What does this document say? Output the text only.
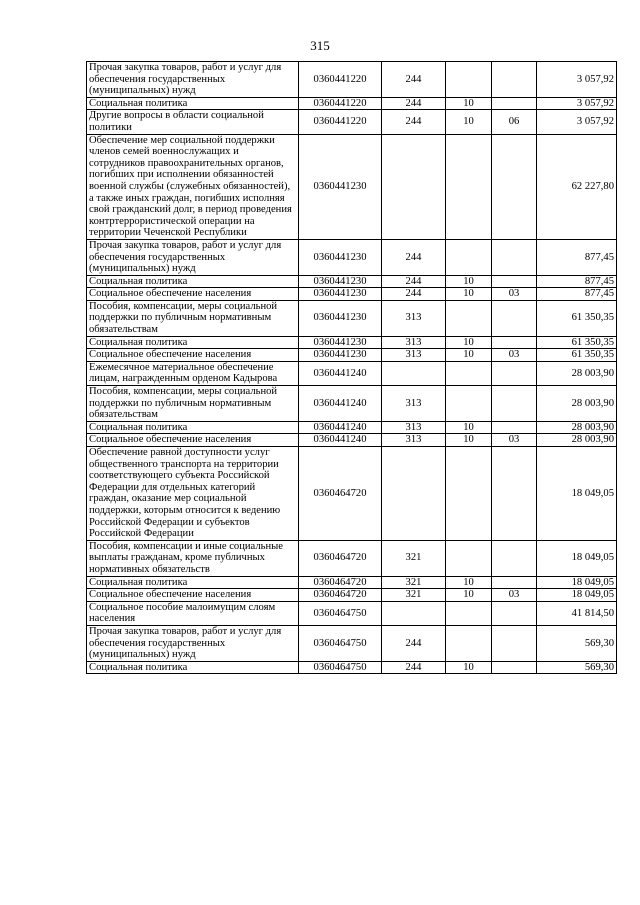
315
Прочая закупка товаров, работ и услуг для обеспечения государственных (муниципальных) нужд	0360441220	244			3 057,92
Социальная политика	0360441220	244	10		3 057,92
Другие вопросы в области социальной политики	0360441220	244	10	06	3 057,92
Обеспечение мер социальной поддержки членов семей военнослужащих и сотрудников правоохранительных органов, погибших при исполнении обязанностей военной службы (служебных обязанностей), а также иных граждан, погибших исполняя свой гражданский долг, в период проведения контртеррористической операции на территории Чеченской Республики	0360441230				62 227,80
Прочая закупка товаров, работ и услуг для обеспечения государственных (муниципальных) нужд	0360441230	244			877,45
Социальная политика	0360441230	244	10		877,45
Социальное обеспечение населения	0360441230	244	10	03	877,45
Пособия, компенсации, меры социальной поддержки по публичным нормативным обязательствам	0360441230	313			61 350,35
Социальная политика	0360441230	313	10		61 350,35
Социальное обеспечение населения	0360441230	313	10	03	61 350,35
Ежемесячное материальное обеспечение лицам, награжденным орденом Кадырова	0360441240				28 003,90
Пособия, компенсации, меры социальной поддержки по публичным нормативным обязательствам	0360441240	313			28 003,90
Социальная политика	0360441240	313	10		28 003,90
Социальное обеспечение населения	0360441240	313	10	03	28 003,90
Обеспечение равной доступности услуг общественного транспорта на территории соответствующего субъекта Российской Федерации для отдельных категорий граждан, оказание мер социальной поддержки, которым относится к ведению Российской Федерации и субъектов Российской Федерации	0360464720				18 049,05
Пособия, компенсации и иные социальные выплаты гражданам, кроме публичных нормативных обязательств	0360464720	321			18 049,05
Социальная политика	0360464720	321	10		18 049,05
Социальное обеспечение населения	0360464720	321	10	03	18 049,05
Социальное пособие малоимущим слоям населения	0360464750				41 814,50
Прочая закупка товаров, работ и услуг для обеспечения государственных (муниципальных) нужд	0360464750	244			569,30
Социальная политика	0360464750	244	10		569,30
